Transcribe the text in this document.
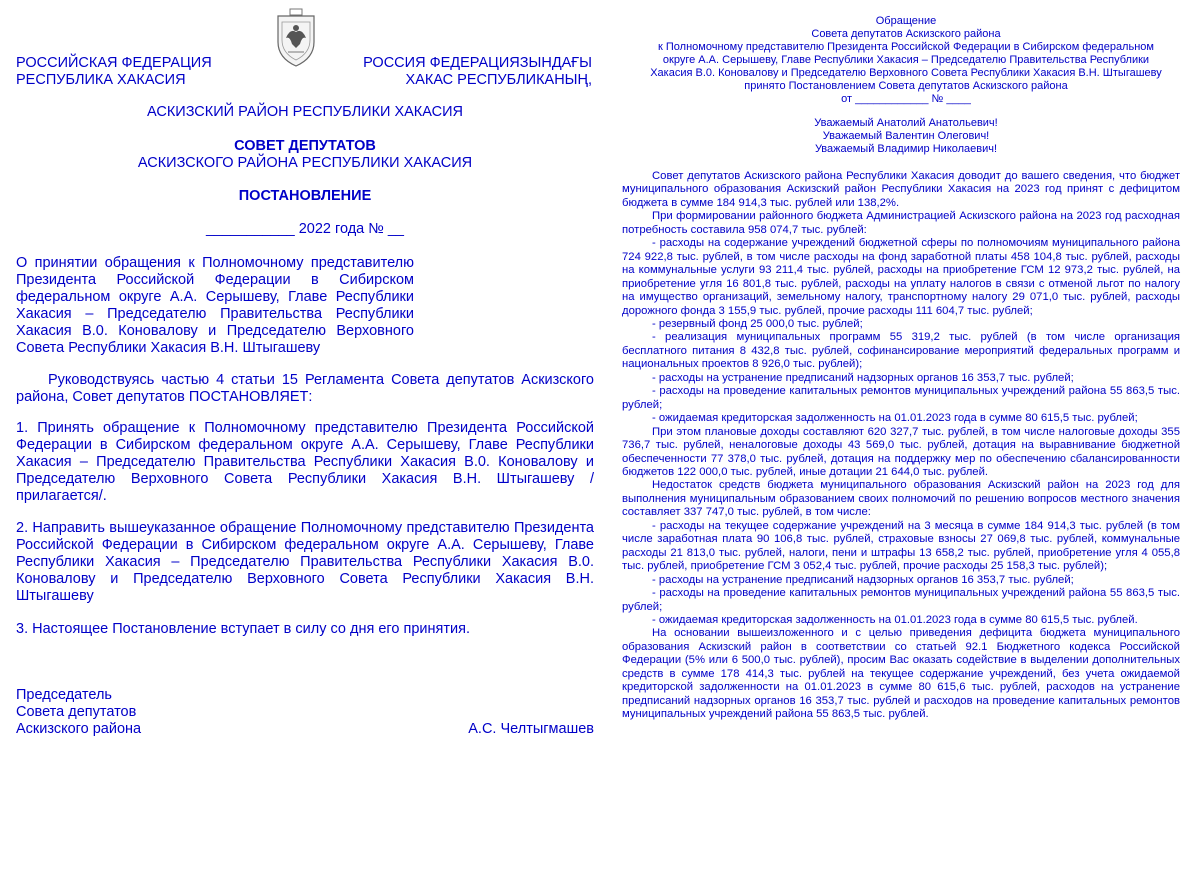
РОССИЙСКАЯ ФЕДЕРАЦИЯ
РЕСПУБЛИКА ХАКАСИЯ
РОССИЯ ФЕДЕРАЦИЯЗЫНДАҒЫ
ХАКАС РЕСПУБЛИКАНЫҢ,

АСКИЗСКИЙ РАЙОН РЕСПУБЛИКИ ХАКАСИЯ

СОВЕТ ДЕПУТАТОВ

АСКИЗСКОГО РАЙОНА РЕСПУБЛИКИ ХАКАСИЯ

ПОСТАНОВЛЕНИЕ

___________ 2022 года № __

О принятии обращения к Полномочному представителю Президента Российской Федерации в Сибирском федеральном округе А.А. Серышеву, Главе Республики Хакасия – Председателю Правительства Республики Хакасия В.0. Коновалову и Председателю Верховного Совета Республики Хакасия В.Н. Штыгашеву

Руководствуясь частью 4 статьи 15 Регламента Совета депутатов Аскизского района, Совет депутатов ПОСТАНОВЛЯЕТ:

1. Принять обращение к Полномочному представителю Президента Российской Федерации в Сибирском федеральном округе А.А. Серышеву, Главе Республики Хакасия – Председателю Правительства Республики Хакасия В.0. Коновалову и Председателю Верховного Совета Республики Хакасия В.Н. Штыгашеву /прилагается/.

2. Направить вышеуказанное обращение Полномочному представителю Президента Российской Федерации в Сибирском федеральном округе А.А. Серышеву, Главе Республики Хакасия – Председателю Правительства Республики Хакасия В.0. Коновалову и Председателю Верховного Совета Республики Хакасия В.Н. Штыгашеву

3. Настоящее Постановление вступает в силу со дня его принятия.

Председатель
Совета депутатов
Аскизского района	А.С. Челтыгмашев

Обращение

Совета депутатов Аскизского района

к Полномочному представителю Президента Российской Федерации в Сибирском федеральном

округе А.А. Серышеву, Главе Республики Хакасия – Председателю Правительства Республики

Хакасия В.0. Коновалову и Председателю Верховного Совета Республики Хакасия В.Н. Штыгашеву

принято Постановлением Совета депутатов Аскизского района

от ____________ № ____

Уважаемый Анатолий Анатольевич!

Уважаемый Валентин Олегович!

Уважаемый Владимир Николаевич!

Совет депутатов Аскизского района Республики Хакасия доводит до вашего сведения, что бюджет муниципального образования Аскизский район Республики Хакасия на 2023 год принят с дефицитом бюджета в сумме 184 914,3 тыс. рублей или 138,2%.

При формировании районного бюджета Администрацией Аскизского района на 2023 год расходная потребность составила 958 074,7 тыс. рублей:

- расходы на содержание учреждений бюджетной сферы по полномочиям муниципального района 724 922,8 тыс. рублей, в том числе расходы на фонд заработной платы 458 104,8 тыс. рублей, расходы на коммунальные услуги 93 211,4 тыс. рублей, расходы на приобретение ГСМ 12 973,2 тыс. рублей, на приобретение угля 16 801,8 тыс. рублей, расходы на уплату налогов в связи с отменой льгот по налогу на имущество организаций, земельному налогу, транспортному налогу 29 071,0 тыс. рублей, расходы дорожного фонда 3 155,9 тыс. рублей, прочие расходы 111 604,7 тыс. рублей;

- резервный фонд 25 000,0 тыс. рублей;

- реализация муниципальных программ 55 319,2 тыс. рублей (в том числе организация бесплатного питания 8 432,8 тыс. рублей, софинансирование мероприятий федеральных программ и национальных проектов 8 926,0 тыс. рублей);

- расходы на устранение предписаний надзорных органов 16 353,7 тыс. рублей;

- расходы на проведение капитальных ремонтов муниципальных учреждений района 55 863,5 тыс. рублей;

- ожидаемая кредиторская задолженность на 01.01.2023 года в сумме 80 615,5 тыс. рублей;

При этом плановые доходы составляют 620 327,7 тыс. рублей, в том числе налоговые доходы 355 736,7 тыс. рублей, неналоговые доходы 43 569,0 тыс. рублей, дотация на выравнивание бюджетной обеспеченности 77 378,0 тыс. рублей, дотация на поддержку мер по обеспечению сбалансированности бюджетов 122 000,0 тыс. рублей, иные дотации 21 644,0 тыс. рублей.

Недостаток средств бюджета муниципального образования Аскизский район на 2023 год для выполнения муниципальным образованием своих полномочий по решению вопросов местного значения составляет 337 747,0 тыс. рублей, в том числе:

- расходы на текущее содержание учреждений на 3 месяца в сумме 184 914,3 тыс. рублей (в том числе заработная плата 90 106,8 тыс. рублей, страховые взносы 27 069,8 тыс. рублей, коммунальные расходы 21 813,0 тыс. рублей, налоги, пени и штрафы 13 658,2 тыс. рублей, приобретение угля 4 055,8 тыс. рублей, приобретение ГСМ 3 052,4 тыс. рублей, прочие расходы 25 158,3 тыс. рублей);

- расходы на устранение предписаний надзорных органов 16 353,7 тыс. рублей;

- расходы на проведение капитальных ремонтов муниципальных учреждений района 55 863,5 тыс. рублей;

- ожидаемая кредиторская задолженность на 01.01.2023 года в сумме 80 615,5 тыс. рублей.

На основании вышеизложенного и с целью приведения дефицита бюджета муниципального образования Аскизский район в соответствии со статьей 92.1 Бюджетного кодекса Российской Федерации (5% или 6 500,0 тыс. рублей), просим Вас оказать содействие в выделении дополнительных средств в сумме 178 414,3 тыс. рублей на текущее содержание учреждений, без учета ожидаемой кредиторской задолженности на 01.01.2023 в сумме 80 615,6 тыс. рублей, расходов на устранение предписаний надзорных органов 16 353,7 тыс. рублей и расходов на проведение капитальных ремонтов муниципальных учреждений района 55 863,5 тыс. рублей.
